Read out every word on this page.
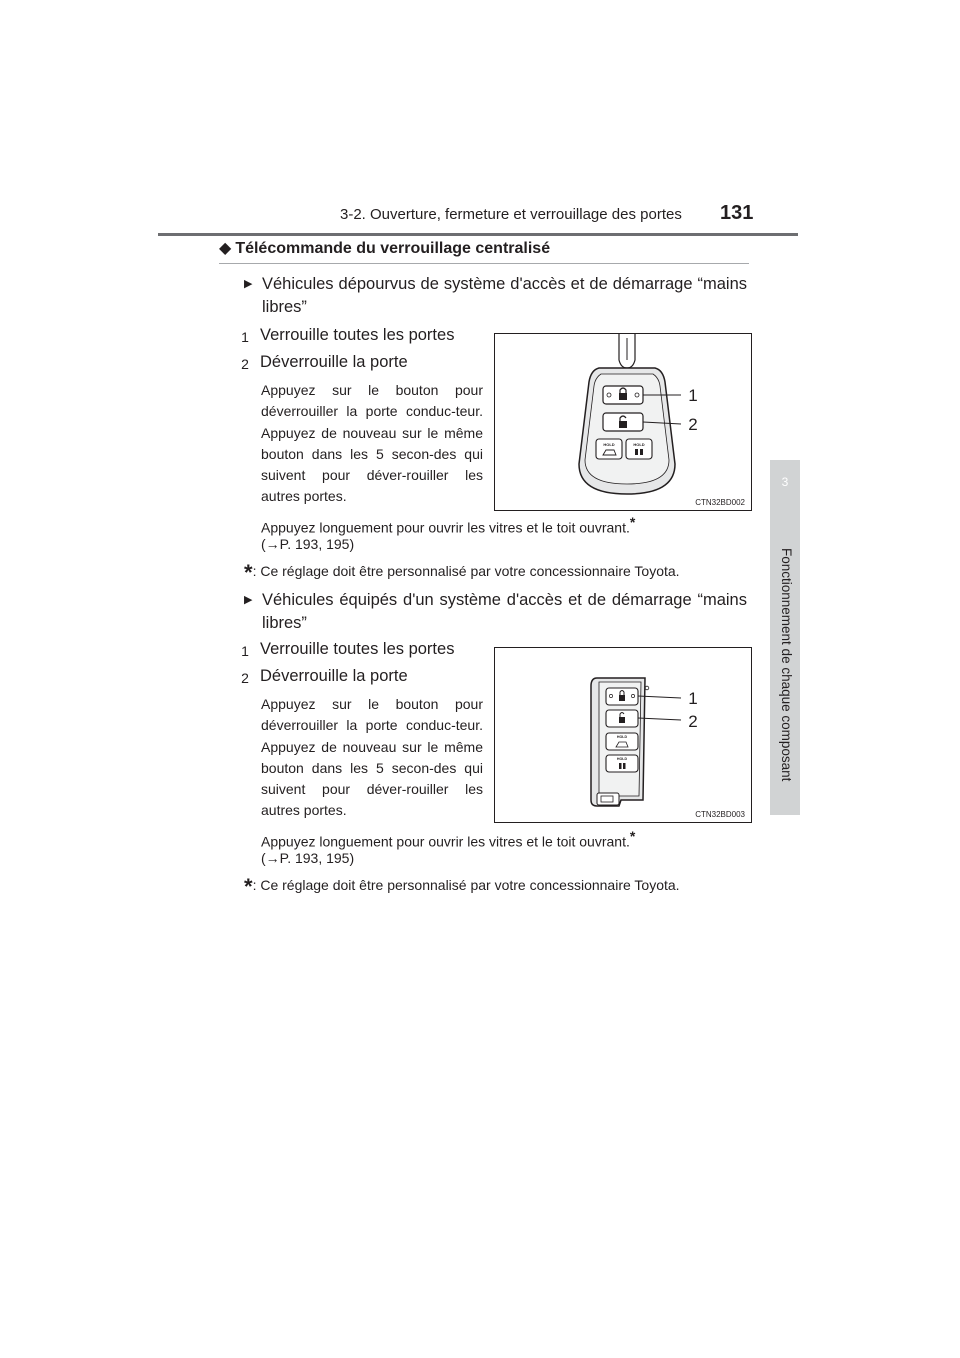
3-2. Ouverture, fermeture et verrouillage des portes 131
3
Fonctionnement de chaque composant
◆ Télécommande du verrouillage centralisé
▶ Véhicules dépourvus de système d'accès et de démarrage “mains libres”
1 Verrouille toutes les portes
2 Déverrouille la porte
Appuyez sur le bouton pour déverrouiller la porte conduc-teur. Appuyez de nouveau sur le même bouton dans les 5 secon-des qui suivent pour déver-rouiller les autres portes.
Appuyez longuement pour ouvrir les vitres et le toit ouvrant.*
(→P. 193, 195)
*: Ce réglage doit être personnalisé par votre concessionnaire Toyota.
HOLD	HOLD
1
2
CTN32BD002
▶ Véhicules équipés d'un système d'accès et de démarrage “mains libres”
1 Verrouille toutes les portes
2 Déverrouille la porte
Appuyez sur le bouton pour déverrouiller la porte conduc-teur. Appuyez de nouveau sur le même bouton dans les 5 secon-des qui suivent pour déver-rouiller les autres portes.
Appuyez longuement pour ouvrir les vitres et le toit ouvrant.*
(→P. 193, 195)
*: Ce réglage doit être personnalisé par votre concessionnaire Toyota.
HOLD
HOLD
1
2
CTN32BD003
